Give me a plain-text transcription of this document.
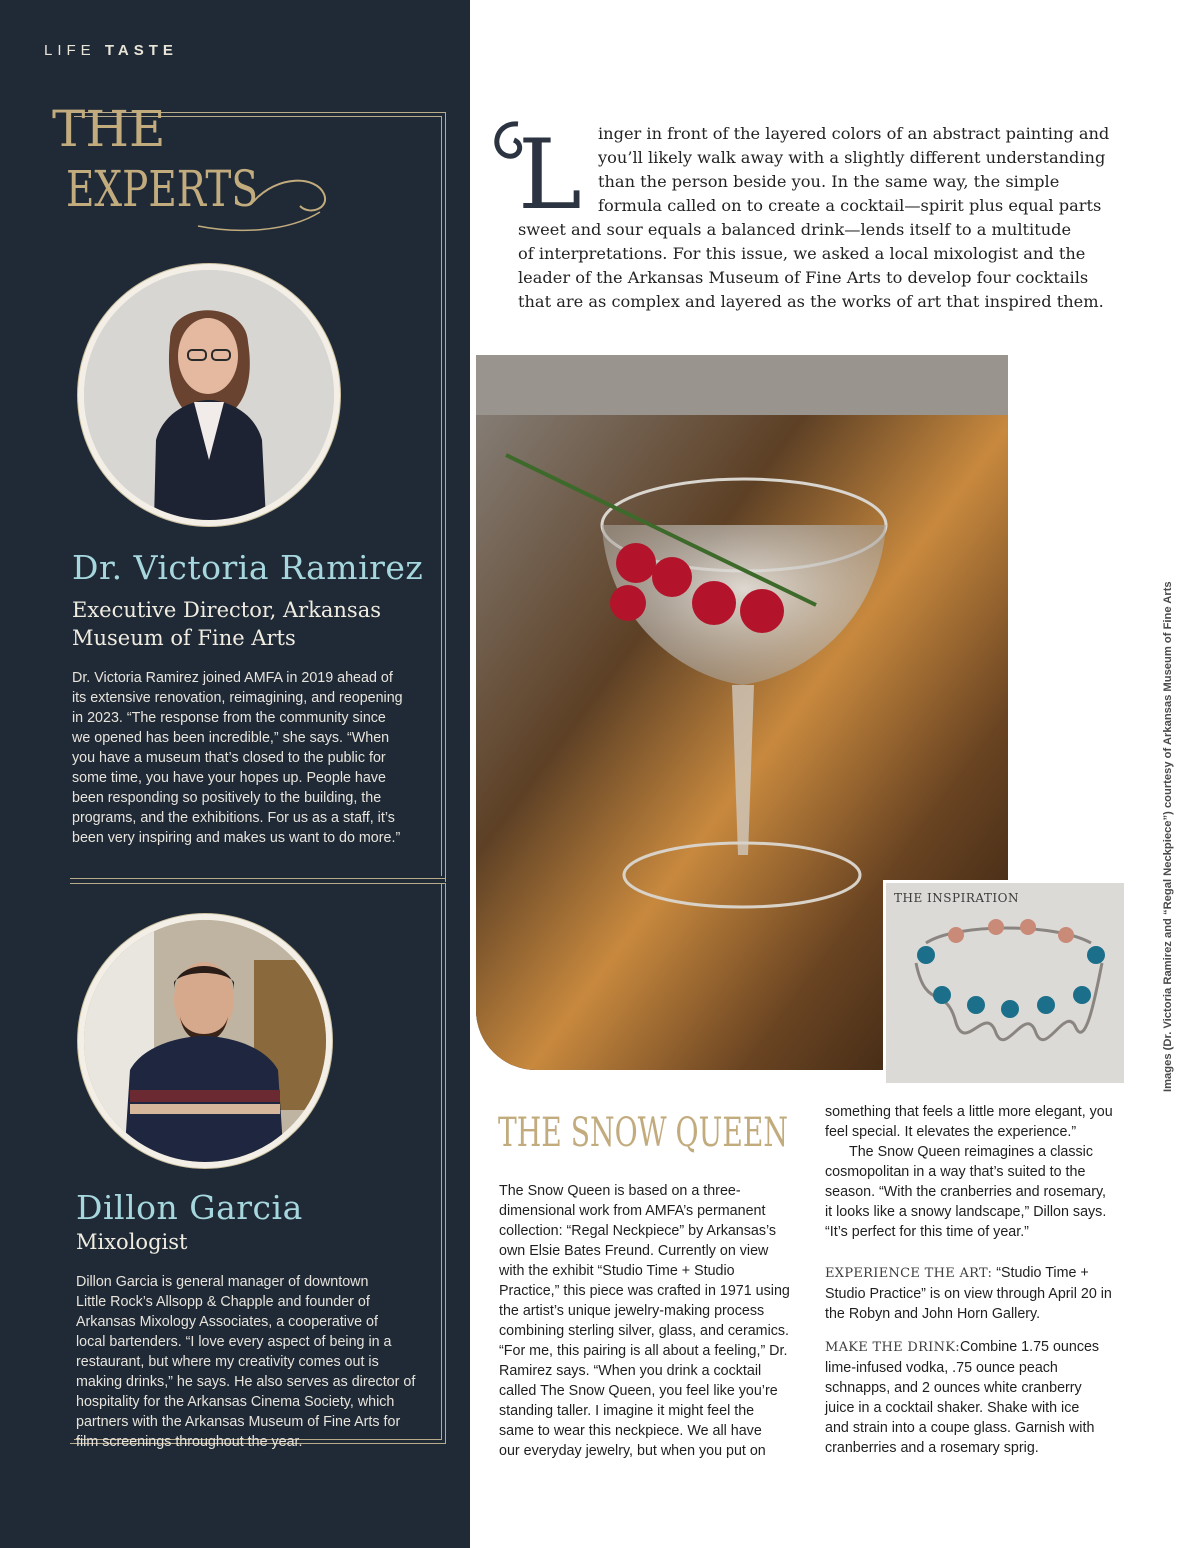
LIFE TASTE
THE
EXPERTS
Dr. Victoria Ramirez
Executive Director, Arkansas
Museum of Fine Arts
Dr. Victoria Ramirez joined AMFA in 2019 ahead of
its extensive renovation, reimagining, and reopening
in 2023. “The response from the community since
we opened has been incredible,” she says. “When
you have a museum that’s closed to the public for
some time, you have your hopes up. People have
been responding so positively to the building, the
programs, and the exhibitions. For us as a staff, it’s
been very inspiring and makes us want to do more.”
Dillon Garcia
Mixologist
Dillon Garcia is general manager of downtown
Little Rock’s Allsopp & Chapple and founder of
Arkansas Mixology Associates, a cooperative of
local bartenders. “I love every aspect of being in a
restaurant, but where my creativity comes out is
making drinks,” he says. He also serves as director of
hospitality for the Arkansas Cinema Society, which
partners with the Arkansas Museum of Fine Arts for
film screenings throughout the year.
L inger in front of the layered colors of an abstract painting and
you’ll likely walk away with a slightly different understanding
than the person beside you. In the same way, the simple
formula called on to create a cocktail—spirit plus equal parts
sweet and sour equals a balanced drink—lends itself to a multitude
of interpretations. For this issue, we asked a local mixologist and the
leader of the Arkansas Museum of Fine Arts to develop four cocktails
that are as complex and layered as the works of art that inspired them.
THE INSPIRATION	Images (Dr. Victoria Ramirez and “Regal Neckpiece”) courtesy of Arkansas Museum of Fine Arts
THE SNOW QUEEN
The Snow Queen is based on a three-
dimensional work from AMFA’s permanent
collection: “Regal Neckpiece” by Arkansas’s
own Elsie Bates Freund. Currently on view
with the exhibit “Studio Time + Studio
Practice,” this piece was crafted in 1971 using
the artist’s unique jewelry-making process
combining sterling silver, glass, and ceramics.
“For me, this pairing is all about a feeling,” Dr.
Ramirez says. “When you drink a cocktail
called The Snow Queen, you feel like you’re
standing taller. I imagine it might feel the
same to wear this neckpiece. We all have
our everyday jewelry, but when you put on
something that feels a little more elegant, you
feel special. It elevates the experience.”
The Snow Queen reimagines a classic
cosmopolitan in a way that’s suited to the
season. “With the cranberries and rosemary,
it looks like a snowy landscape,” Dillon says.
“It’s perfect for this time of year.”
EXPERIENCE THE ART: “Studio Time +
Studio Practice” is on view through April 20 in
the Robyn and John Horn Gallery.
MAKE THE DRINK:Combine 1.75 ounces
lime-infused vodka, .75 ounce peach
schnapps, and 2 ounces white cranberry
juice in a cocktail shaker. Shake with ice
and strain into a coupe glass. Garnish with
cranberries and a rosemary sprig.
